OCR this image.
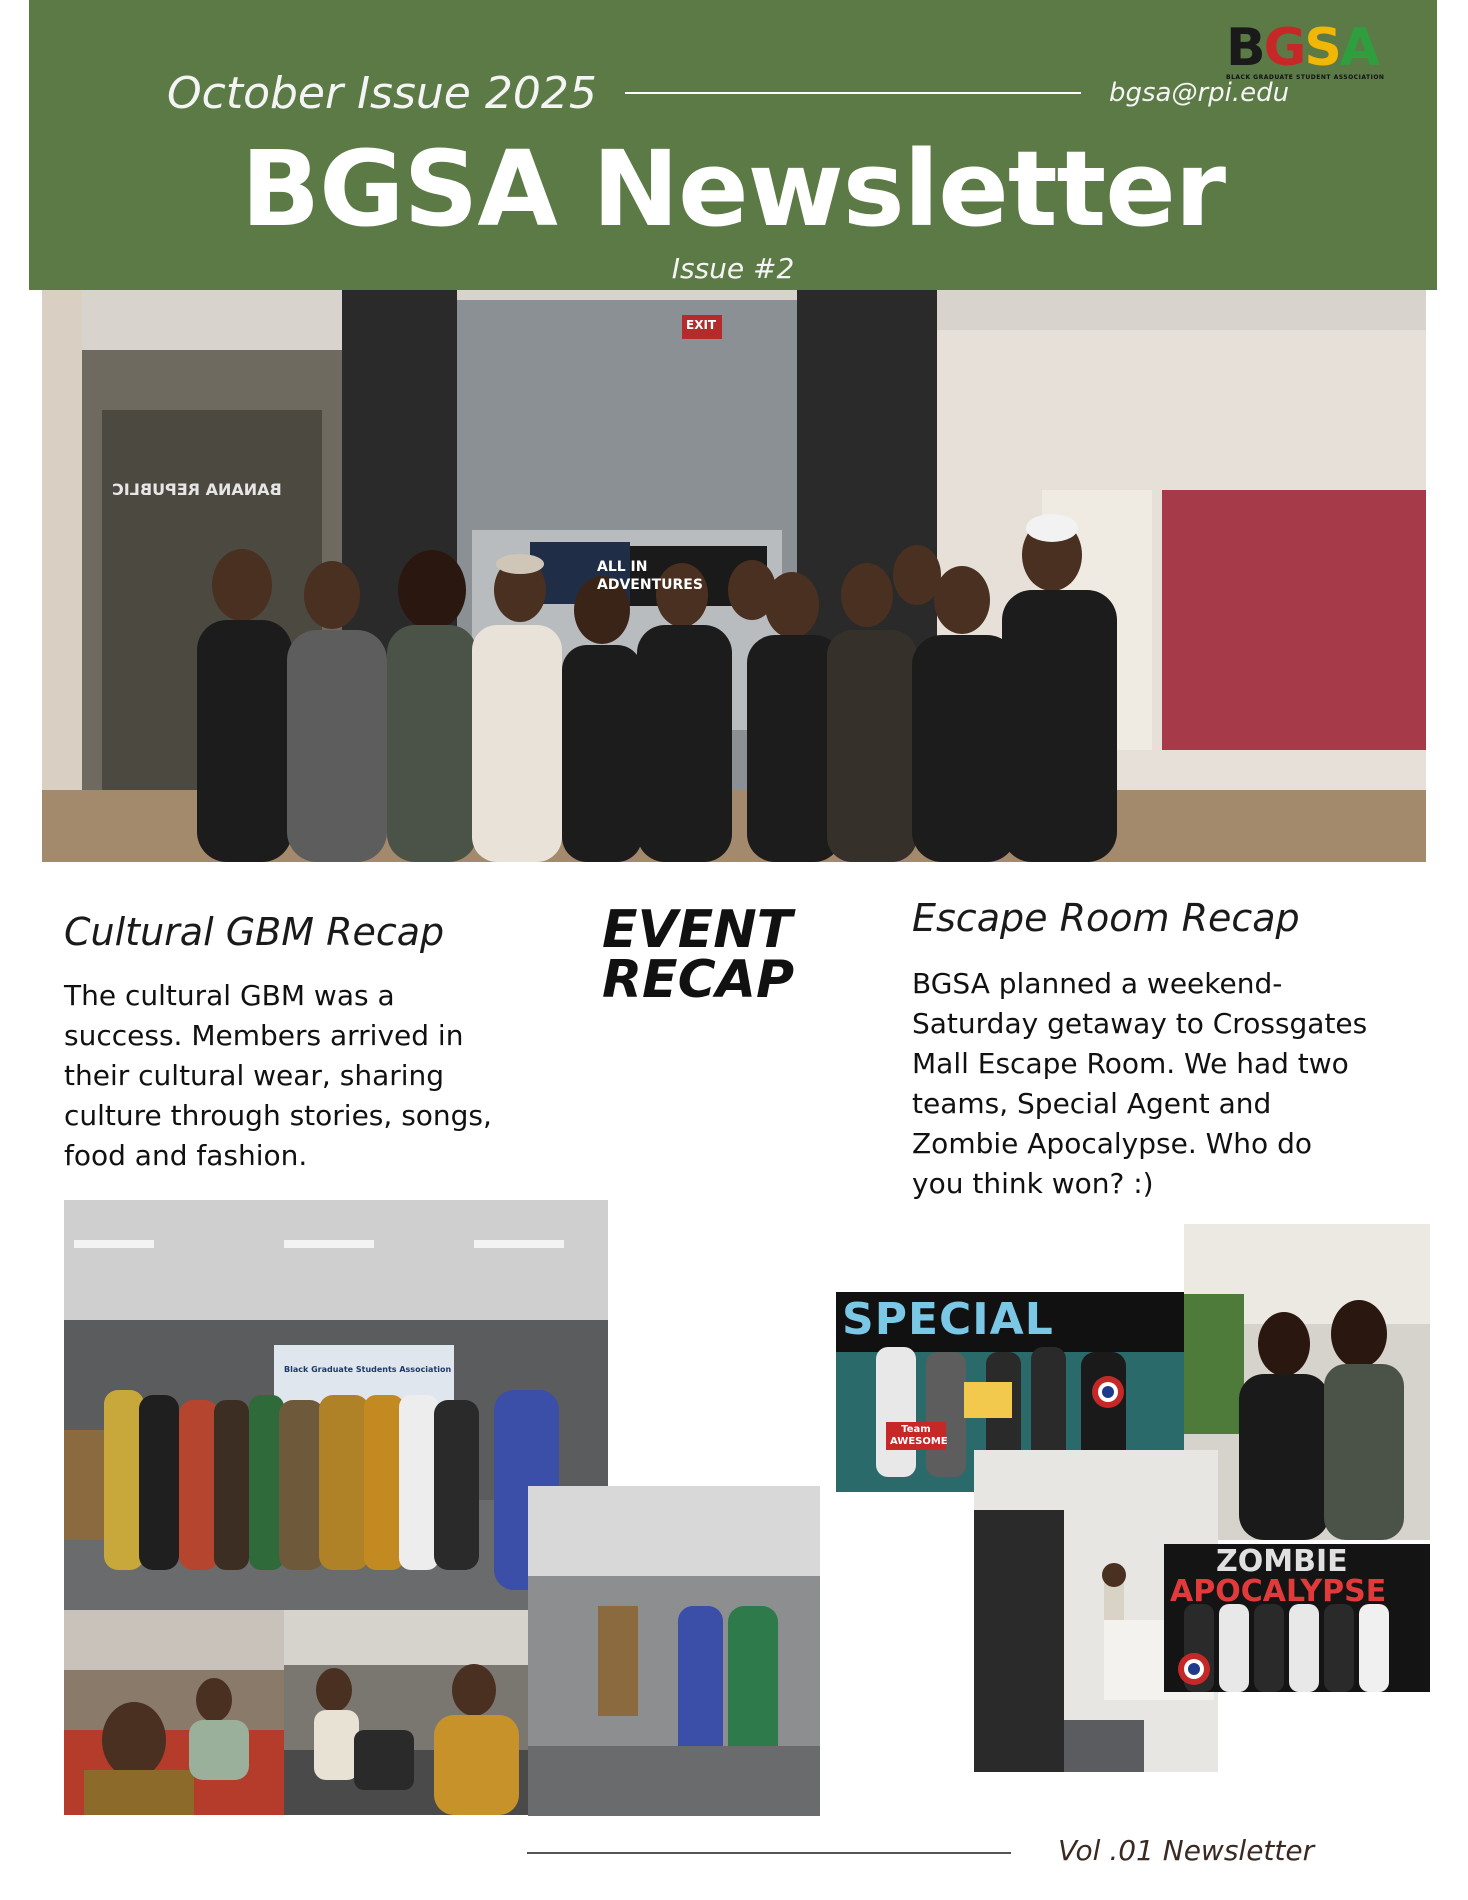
October Issue 2025	bgsa@rpi.edu
BGSA Newsletter
Issue #2
BGSA
BLACK GRADUATE STUDENT ASSOCIATION
BANANA REPUBLIC
ALL IN ADVENTURES
EXIT
Cultural GBM Recap
The cultural GBM was a success. Members arrived in their cultural wear, sharing culture through stories, songs, food and fashion.
EVENT
RECAP
Escape Room Recap
BGSA planned a weekend-Saturday getaway to Crossgates Mall Escape Room. We had two teams, Special Agent and Zombie Apocalypse. Who do you think won? :)
Black Graduate Students Association
SPECIAL
Team AWESOME
ZOMBIE
APOCALYPSE
Vol .01 Newsletter
